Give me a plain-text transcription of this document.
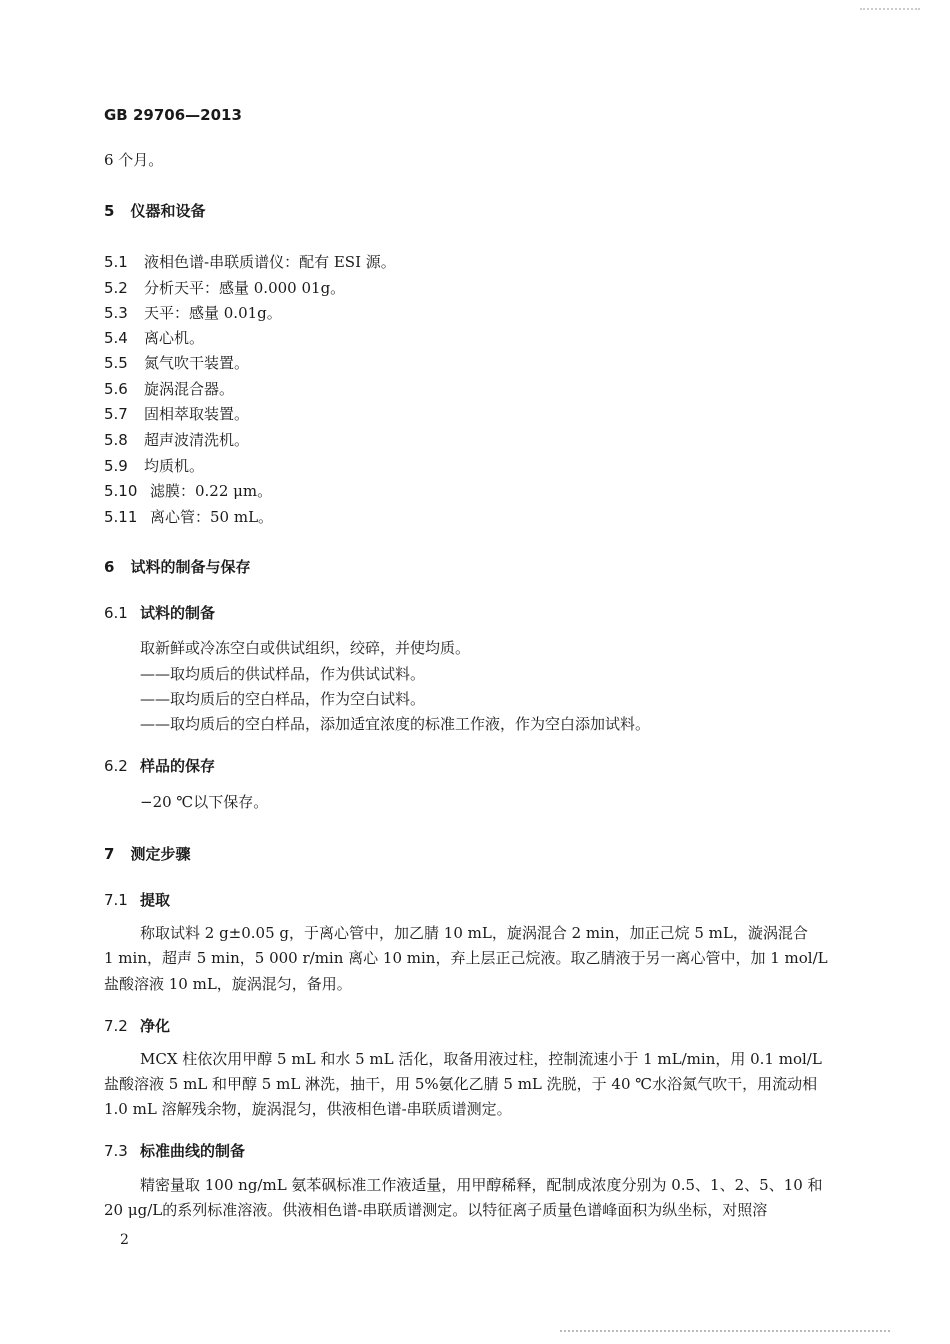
GB 29706—2013
6 个月。
5 仪器和设备
5.1 液相色谱-串联质谱仪：配有 ESI 源。
5.2 分析天平：感量 0.000 01g。
5.3 天平：感量 0.01g。
5.4 离心机。
5.5 氮气吹干装置。
5.6 旋涡混合器。
5.7 固相萃取装置。
5.8 超声波清洗机。
5.9 均质机。
5.10 滤膜：0.22 μm。
5.11 离心管：50 mL。
6 试料的制备与保存
6.1 试料的制备
取新鲜或冷冻空白或供试组织，绞碎，并使均质。
——取均质后的供试样品，作为供试试料。
——取均质后的空白样品，作为空白试料。
——取均质后的空白样品，添加适宜浓度的标准工作液，作为空白添加试料。
6.2 样品的保存
−20 ℃以下保存。
7 测定步骤
7.1 提取
称取试料 2 g±0.05 g，于离心管中，加乙腈 10 mL，旋涡混合 2 min，加正己烷 5 mL，漩涡混合
1 min，超声 5 min，5 000 r/min 离心 10 min，弃上层正己烷液。取乙腈液于另一离心管中，加 1 mol/L
盐酸溶液 10 mL，旋涡混匀，备用。
7.2 净化
MCX 柱依次用甲醇 5 mL 和水 5 mL 活化，取备用液过柱，控制流速小于 1 mL/min，用 0.1 mol/L
盐酸溶液 5 mL 和甲醇 5 mL 淋洗，抽干，用 5%氨化乙腈 5 mL 洗脱，于 40 ℃水浴氮气吹干，用流动相
1.0 mL 溶解残余物，旋涡混匀，供液相色谱-串联质谱测定。
7.3 标准曲线的制备
精密量取 100 ng/mL 氨苯砜标准工作液适量，用甲醇稀释，配制成浓度分别为 0.5、1、2、5、10 和
20 μg/L的系列标准溶液。供液相色谱-串联质谱测定。以特征离子质量色谱峰面积为纵坐标，对照溶
2
